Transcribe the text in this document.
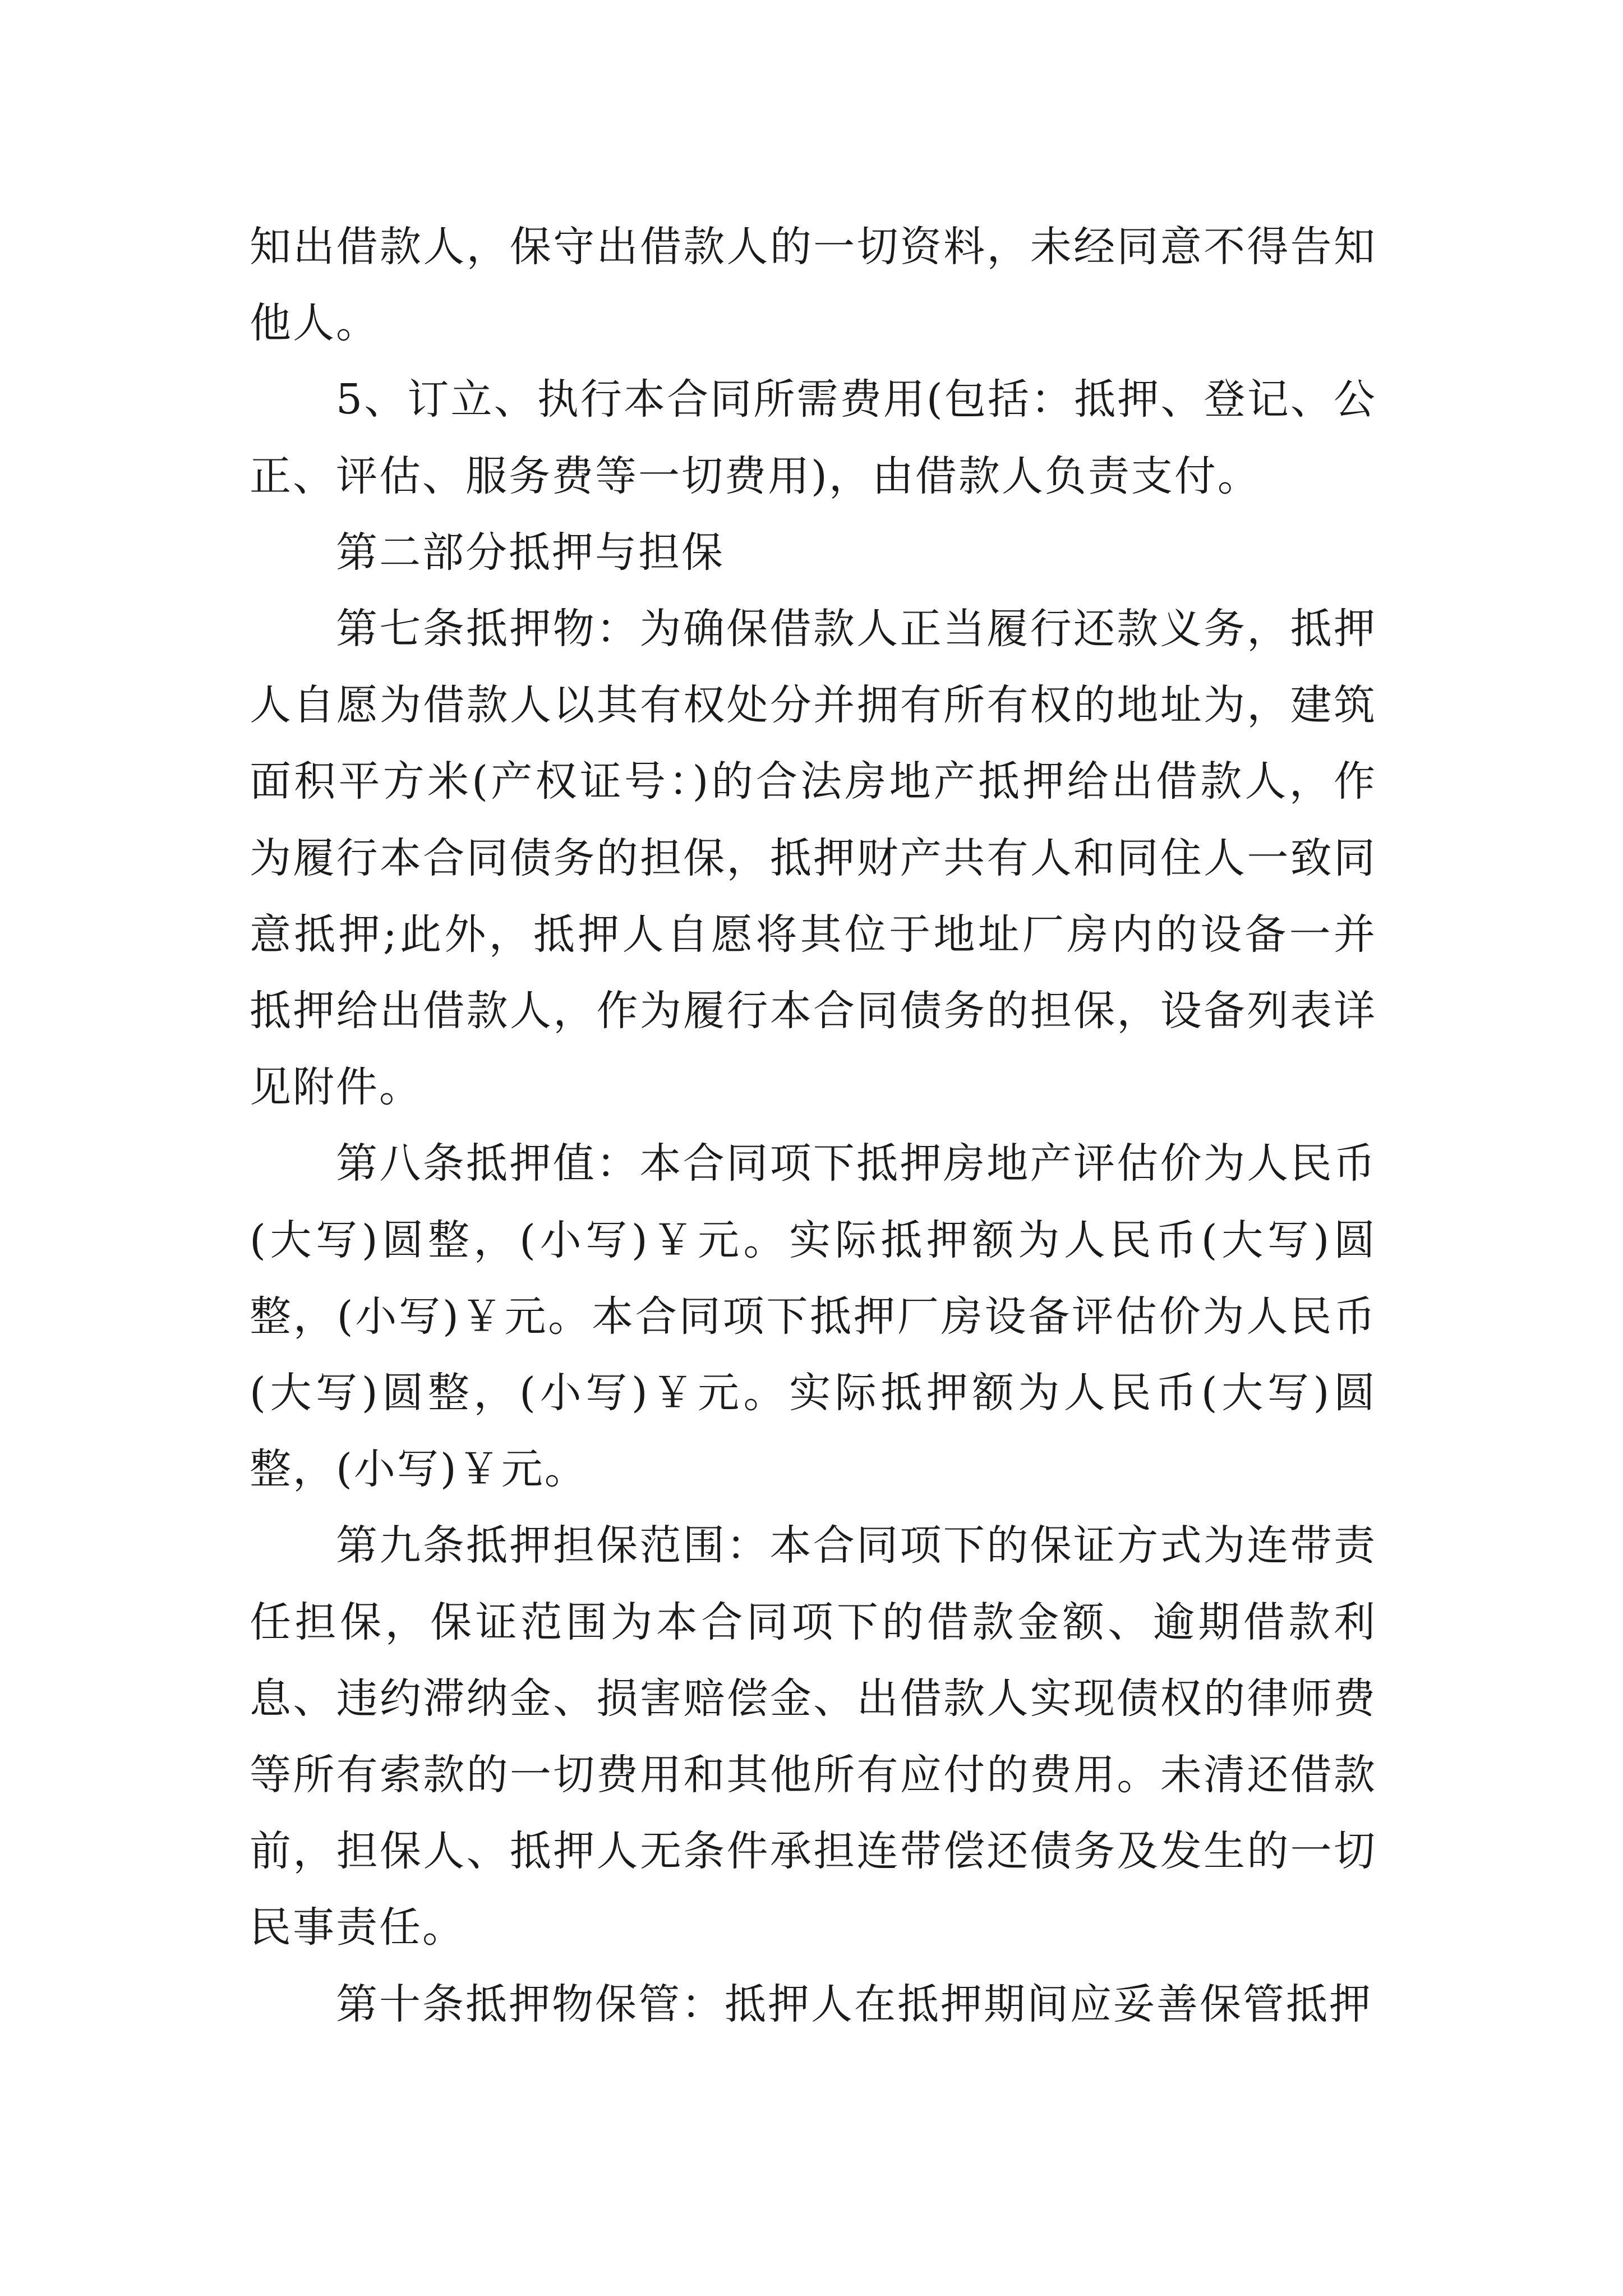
知出借款人，保守出借款人的一切资料，未经同意不得告知他人。

5、订立、执行本合同所需费用(包括：抵押、登记、公正、评估、服务费等一切费用)，由借款人负责支付。

第二部分抵押与担保

第七条抵押物：为确保借款人正当履行还款义务，抵押人自愿为借款人以其有权处分并拥有所有权的地址为，建筑面积平方米(产权证号：)的合法房地产抵押给出借款人，作为履行本合同债务的担保，抵押财产共有人和同住人一致同意抵押;此外，抵押人自愿将其位于地址厂房内的设备一并抵押给出借款人，作为履行本合同债务的担保，设备列表详见附件。

第八条抵押值：本合同项下抵押房地产评估价为人民币(大写)圆整，(小写)￥元。实际抵押额为人民币(大写)圆整，(小写)￥元。本合同项下抵押厂房设备评估价为人民币(大写)圆整，(小写)￥元。实际抵押额为人民币(大写)圆整，(小写)￥元。

第九条抵押担保范围：本合同项下的保证方式为连带责任担保，保证范围为本合同项下的借款金额、逾期借款利息、违约滞纳金、损害赔偿金、出借款人实现债权的律师费等所有索款的一切费用和其他所有应付的费用。未清还借款前，担保人、抵押人无条件承担连带偿还债务及发生的一切民事责任。

第十条抵押物保管：抵押人在抵押期间应妥善保管抵押
